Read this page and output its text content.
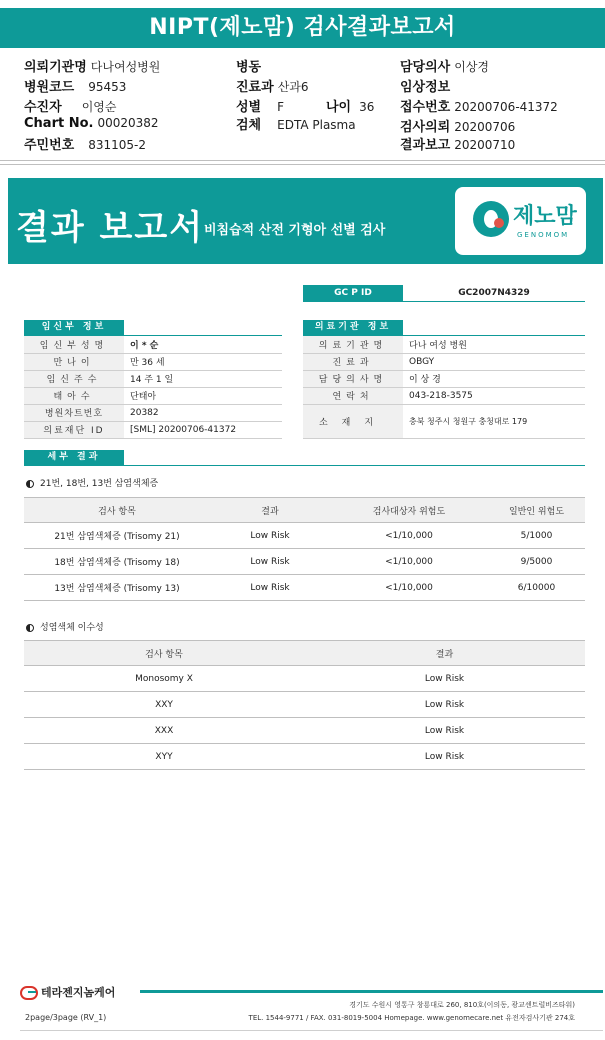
NIPT(제노맘) 검사결과보고서
의뢰기관명 다나여성병원
병원코드 95453
수진자 이영순
Chart No. 00020382
주민번호 831105-2
병동
진료과 산과6
성별 F	나이 36
검체 EDTA Plasma
담당의사 이상경
임상정보
접수번호 20200706-41372
검사의뢰 20200706
결과보고 20200710
결과 보고서 비침습적 산전 기형아 선별 검사
제노맘
GENOMOM
GC P ID	GC2007N4329
임신부 정보	의료기관 정보
임신부성명	이 * 순
만나이	만 36 세
임신주수	14 주 1 일
태아수	단태아
병원차트번호	20382
의료재단 ID	[SML] 20200706-41372
의료기관명	다나 여성 병원
진료과	OBGY
담당의사명	이 상 경
연락처	043-218-3575
소재지	충북 청주시 청원구 충청대로 179
세부 결과
21번, 18번, 13번 삼염색체증
검사 항목	결과	검사대상자 위험도	일반인 위험도
21번 삼염색체증 (Trisomy 21)	Low Risk	<1/10,000	5/1000
18번 삼염색체증 (Trisomy 18)	Low Risk	<1/10,000	9/5000
13번 삼염색체증 (Trisomy 13)	Low Risk	<1/10,000	6/10000
성염색체 이수성
검사 항목	결과
Monosomy X	Low Risk
XXY	Low Risk
XXX	Low Risk
XYY	Low Risk
테라젠지놈케어
경기도 수원시 영통구 창룡대로 260, 810호(이의동, 광교센트럴비즈타워)
TEL. 1544-9771 / FAX. 031-8019-5004 Homepage. www.genomecare.net 유전자검사기관 274호
2page/3page (RV_1)
